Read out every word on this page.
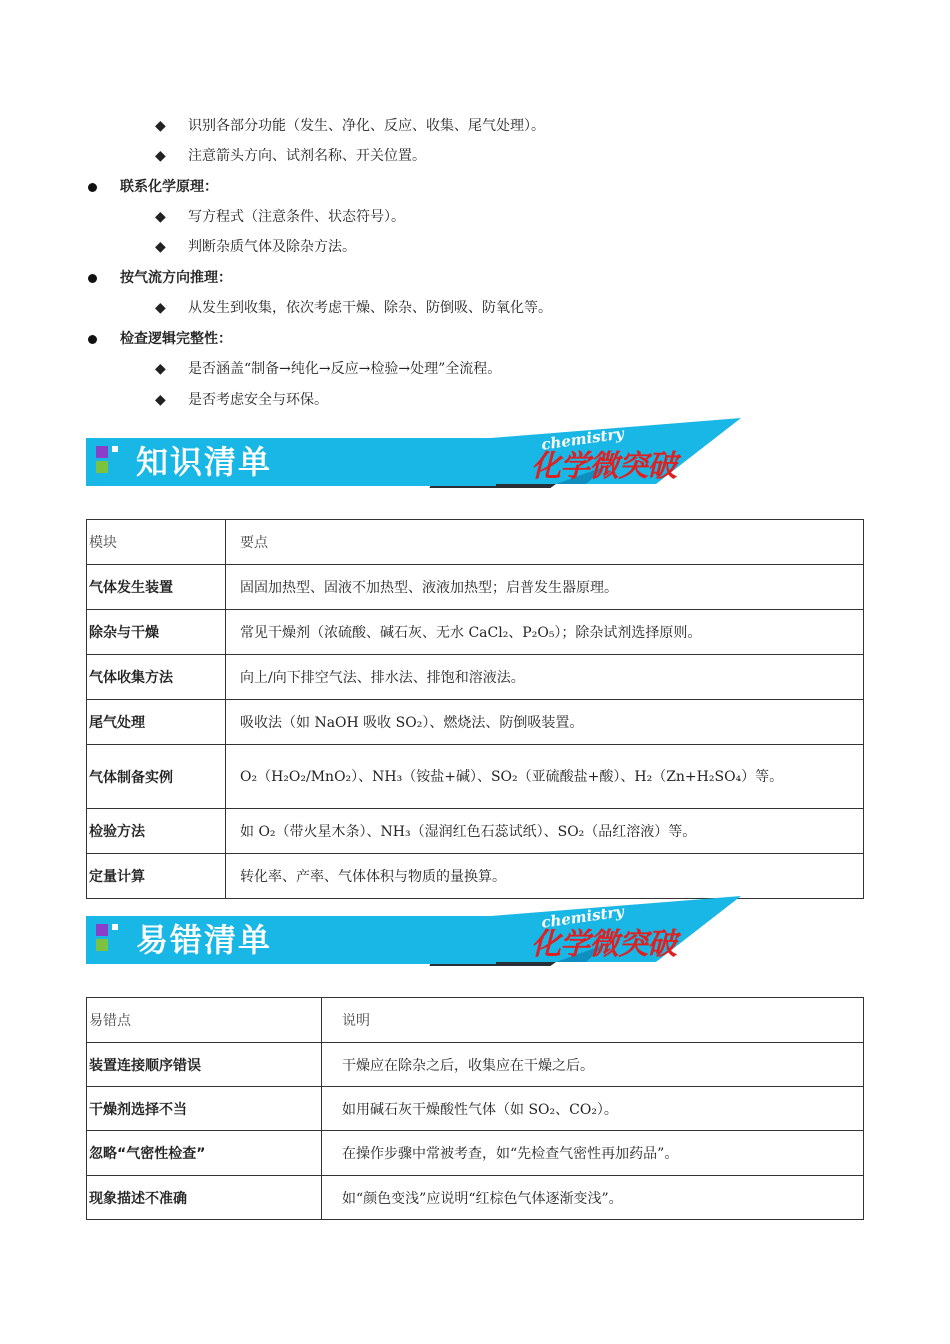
◆ 识别各部分功能（发生、净化、反应、收集、尾气处理）。
◆ 注意箭头方向、试剂名称、开关位置。
联系化学原理：
◆ 写方程式（注意条件、状态符号）。
◆ 判断杂质气体及除杂方法。
按气流方向推理：
◆ 从发生到收集，依次考虑干燥、除杂、防倒吸、防氧化等。
检查逻辑完整性：
◆ 是否涵盖“制备→纯化→反应→检验→处理”全流程。
◆ 是否考虑安全与环保。
知识清单
chemistry
化学微突破
模块	要点
气体发生装置	固固加热型、固液不加热型、液液加热型；启普发生器原理。
除杂与干燥	常见干燥剂（浓硫酸、碱石灰、无水 CaCl₂、P₂O₅）；除杂试剂选择原则。
气体收集方法	向上/向下排空气法、排水法、排饱和溶液法。
尾气处理	吸收法（如 NaOH 吸收 SO₂）、燃烧法、防倒吸装置。
气体制备实例	O₂（H₂O₂/MnO₂）、NH₃（铵盐+碱）、SO₂（亚硫酸盐+酸）、H₂（Zn+H₂SO₄）等。
检验方法	如 O₂（带火星木条）、NH₃（湿润红色石蕊试纸）、SO₂（品红溶液）等。
定量计算	转化率、产率、气体体积与物质的量换算。
易错清单
chemistry
化学微突破
易错点	说明
装置连接顺序错误	干燥应在除杂之后，收集应在干燥之后。
干燥剂选择不当	如用碱石灰干燥酸性气体（如 SO₂、CO₂）。
忽略“气密性检查”	在操作步骤中常被考查，如“先检查气密性再加药品”。
现象描述不准确	如“颜色变浅”应说明“红棕色气体逐渐变浅”。
